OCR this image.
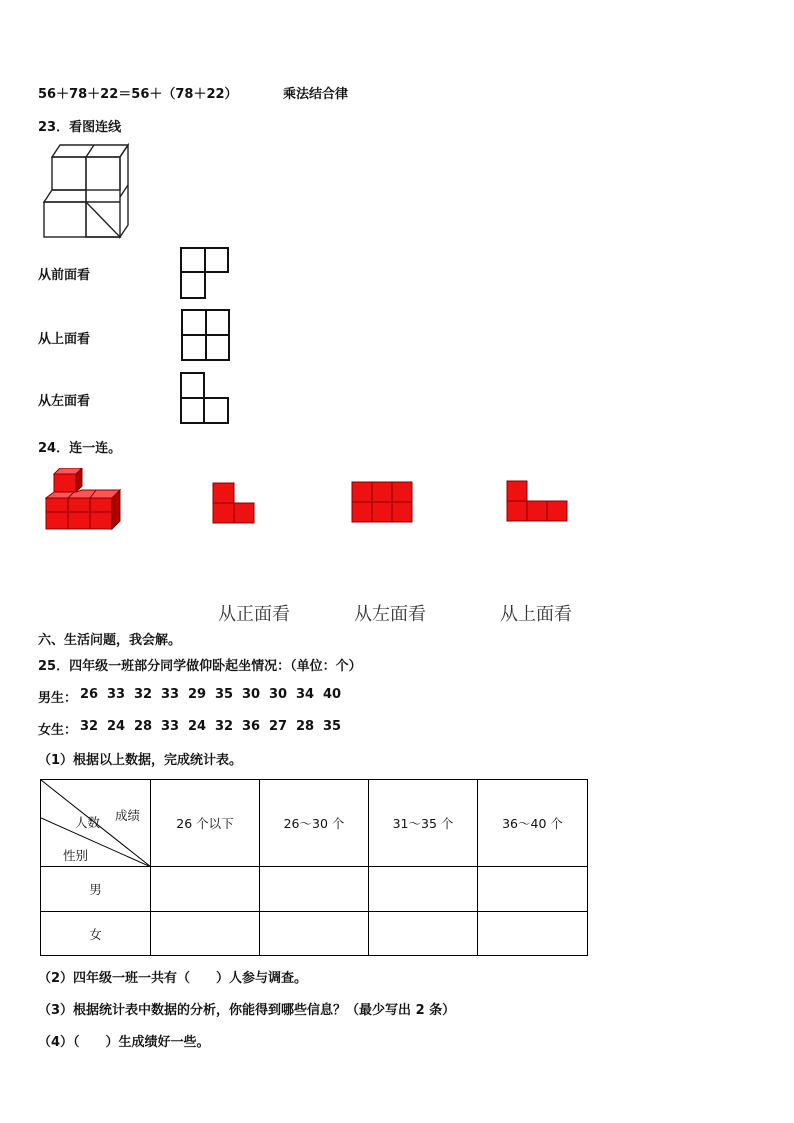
56＋78＋22＝56＋（78＋22）	乘法结合律
23．看图连线
从前面看
从上面看
从左面看
24．连一连。
从正面看	从左面看	从上面看
六、生活问题，我会解。
25．四年级一班部分同学做仰卧起坐情况：（单位：个）
男生： 26 33 32 33 29 35 30 30 34 40
女生： 32 24 28 33 24 32 36 27 28 35
（1）根据以上数据，完成统计表。
成绩
人数
性别	26 个以下	26～30 个	31～35 个	36～40 个
男				
女				
（2）四年级一班一共有（　　）人参与调查。
（3）根据统计表中数据的分析，你能得到哪些信息？（最少写出 2 条）
（4）（　　）生成绩好一些。
